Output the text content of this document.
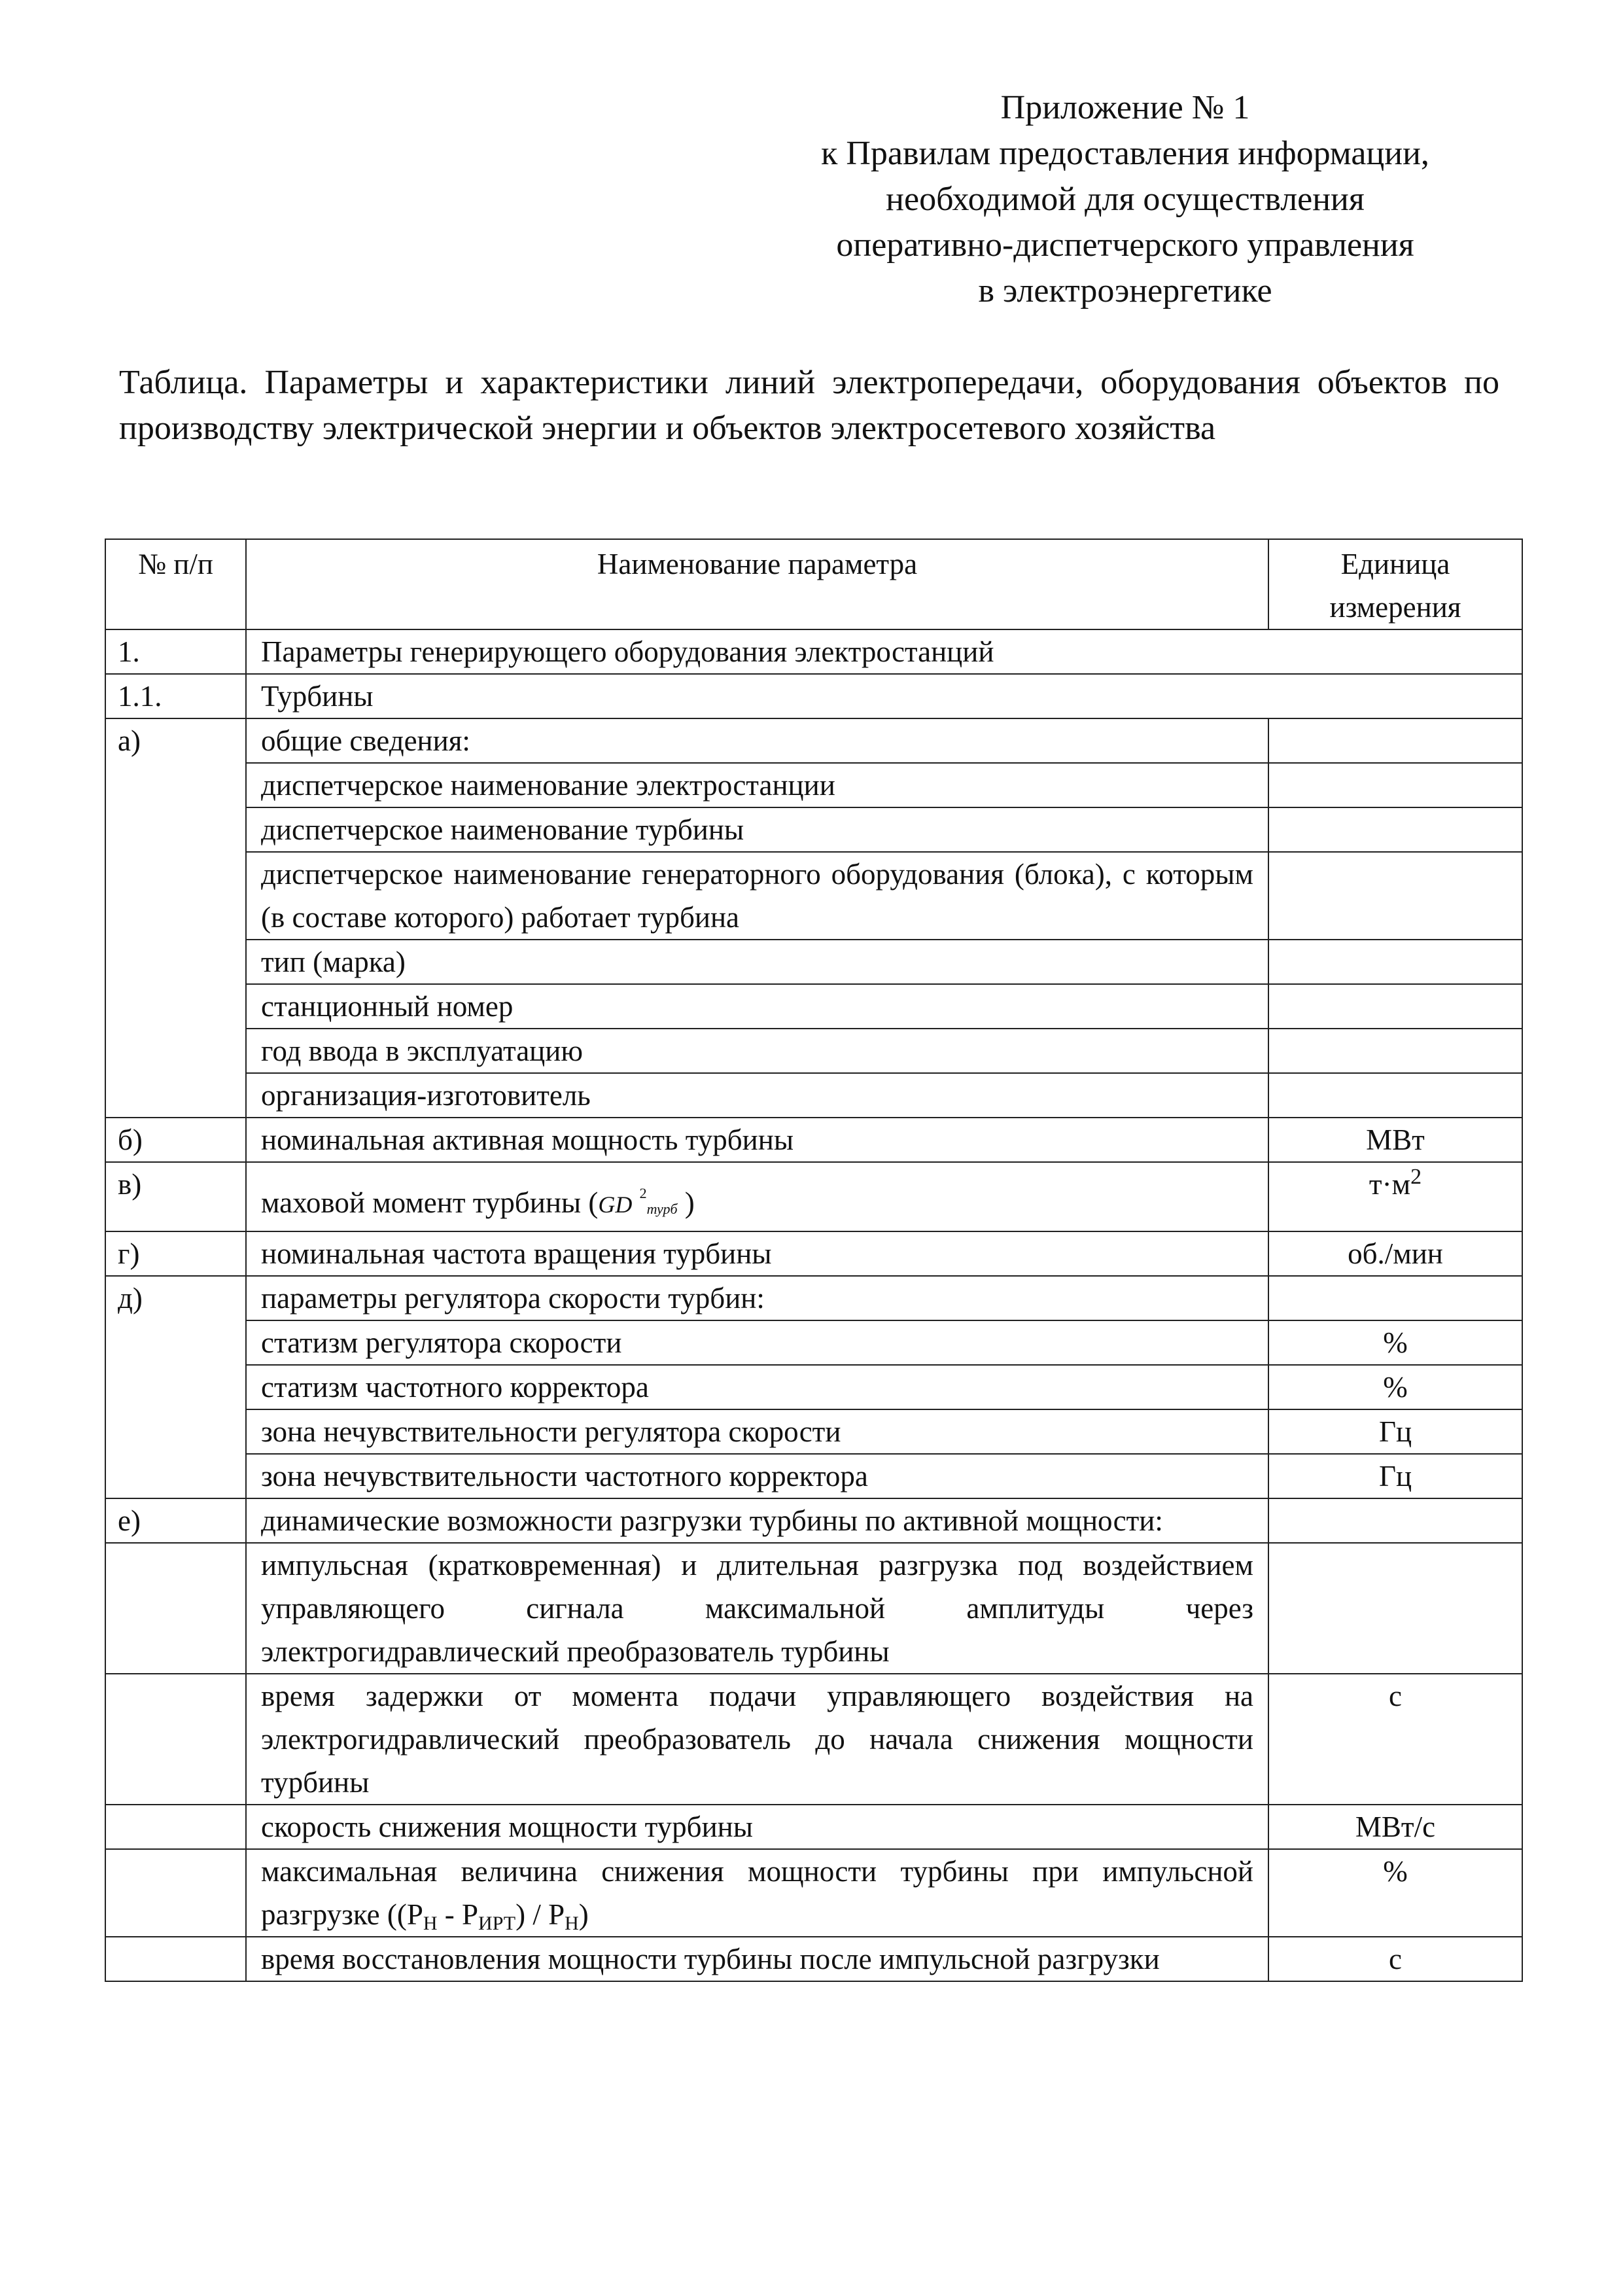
Приложение № 1
к Правилам предоставления информации,
необходимой для осуществления
оперативно-диспетчерского управления
в электроэнергетике
Таблица. Параметры и характеристики линий электропередачи, оборудования объектов по производству электрической энергии и объектов электросетевого хозяйства
№ п/п	Наименование параметра	Единица измерения
1.	Параметры генерирующего оборудования электростанций	
1.1.	Турбины	
а)	общие сведения:	
	диспетчерское наименование электростанции	
	диспетчерское наименование турбины	
	диспетчерское наименование генераторного оборудования (блока), с которым (в составе которого) работает турбина	
	тип (марка)	
	станционный номер	
	год ввода в эксплуатацию	
	организация-изготовитель	
б)	номинальная активная мощность турбины	МВт
в)	маховой момент турбины (GD $^2$турб )	$т\cdot м^2$
г)	номинальная частота вращения турбины	об./мин
д)	параметры регулятора скорости турбин:	
	статизм регулятора скорости	%
	статизм частотного корректора	%
	зона нечувствительности регулятора скорости	Гц
	зона нечувствительности частотного корректора	Гц
е)	динамические возможности разгрузки турбины по активной мощности:	
	импульсная (кратковременная) и длительная разгрузка под воздействием управляющего сигнала максимальной амплитуды через электрогидравлический преобразователь турбины	
	время задержки от момента подачи управляющего воздействия на электрогидравлический преобразователь до начала снижения мощности турбины	с
	скорость снижения мощности турбины	МВт/с
	максимальная величина снижения мощности турбины при импульсной разгрузке $((P_Н - P_{ИРТ}) / P_Н)$	%
	время восстановления мощности турбины после импульсной разгрузки	с
